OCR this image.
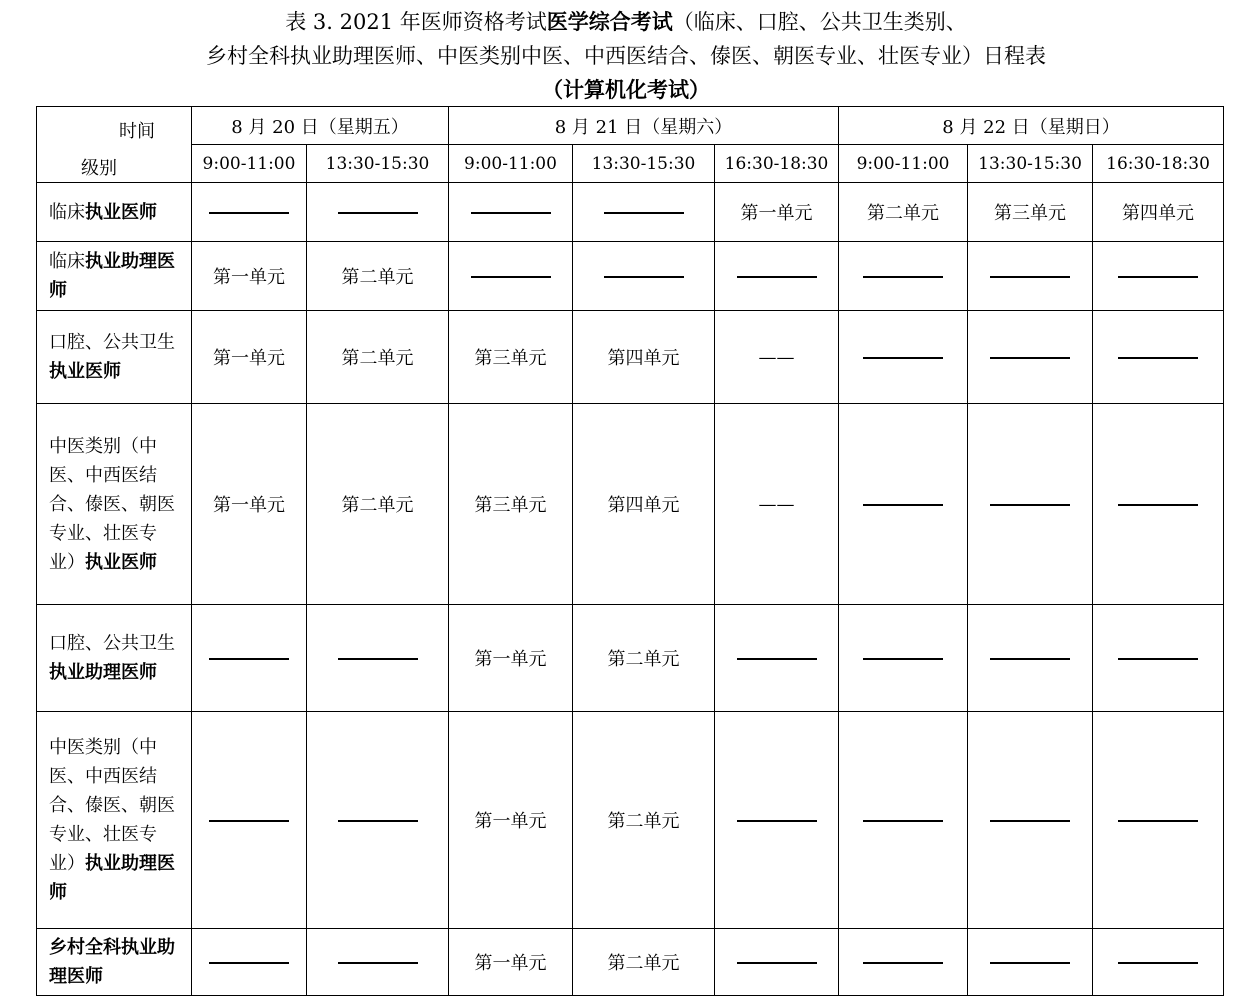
表 3. 2021 年医师资格考试医学综合考试（临床、口腔、公共卫生类别、
乡村全科执业助理医师、中医类别中医、中西医结合、傣医、朝医专业、壮医专业）日程表
（计算机化考试）
时间
级别	8 月 20 日（星期五）		8 月 21 日（星期六）			8 月 22 日（星期日）		
	9:00-11:00	13:30-15:30	9:00-11:00	13:30-15:30	16:30-18:30	9:00-11:00	13:30-15:30	16:30-18:30
临床执业医师					第一单元	第二单元	第三单元	第四单元
临床执业助理医师	第一单元	第二单元						
口腔、公共卫生执业医师	第一单元	第二单元	第三单元	第四单元	——			
中医类别（中医、中西医结合、傣医、朝医专业、壮医专业）执业医师	第一单元	第二单元	第三单元	第四单元	——			
口腔、公共卫生执业助理医师			第一单元	第二单元				
中医类别（中医、中西医结合、傣医、朝医专业、壮医专业）执业助理医师			第一单元	第二单元				
乡村全科执业助理医师			第一单元	第二单元				
